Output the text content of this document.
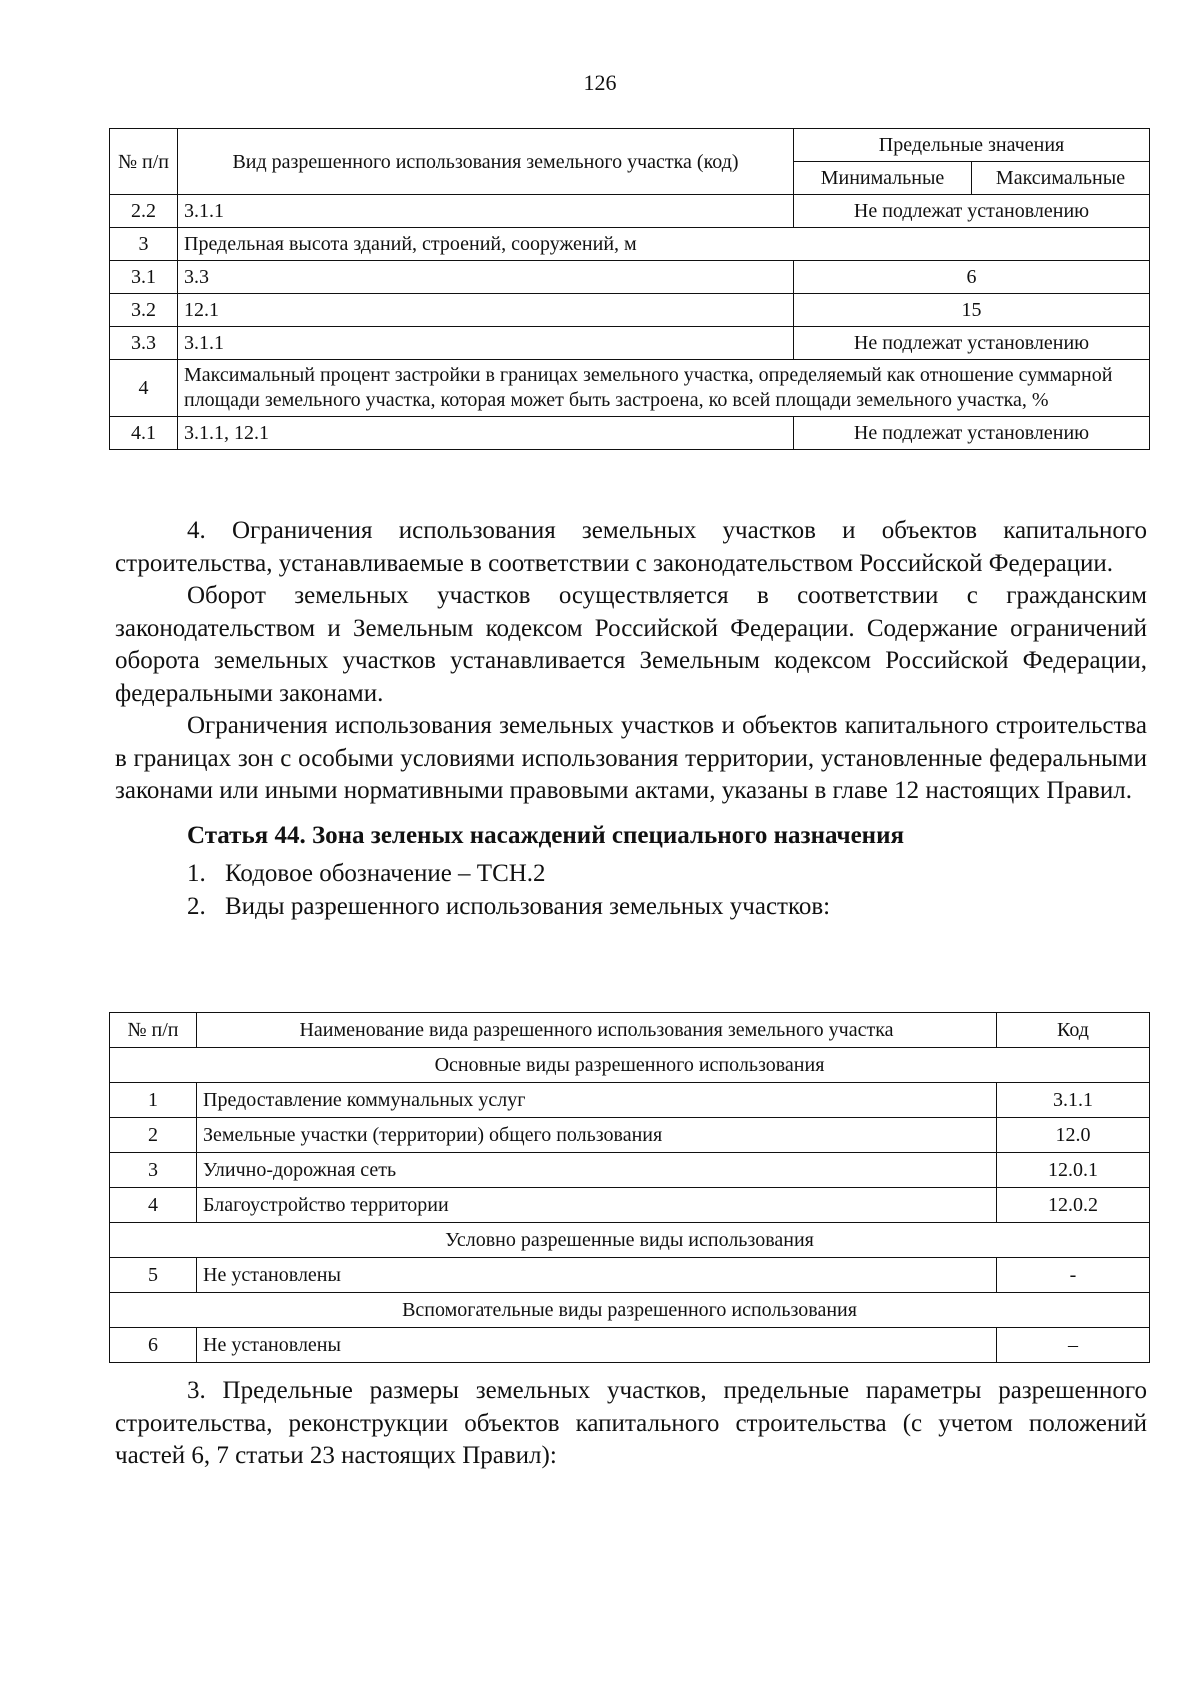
126
№ п/п	Вид разрешенного использования земельного участка (код)	Предельные значения	
		Минимальные	Максимальные
2.2	3.1.1	Не подлежат установлению	
3	Предельная высота зданий, строений, сооружений, м		
3.1	3.3	6	
3.2	12.1	15	
3.3	3.1.1	Не подлежат установлению	
4	Максимальный процент застройки в границах земельного участка, определяемый как отношение суммарной площади земельного участка, которая может быть застроена, ко всей площади земельного участка, %		
4.1	3.1.1, 12.1	Не подлежат установлению	

4. Ограничения использования земельных участков и объектов капитального строительства, устанавливаемые в соответствии с законодательством Российской Федерации.

Оборот земельных участков осуществляется в соответствии с гражданским законодательством и Земельным кодексом Российской Федерации. Содержание ограничений оборота земельных участков устанавливается Земельным кодексом Российской Федерации, федеральными законами.

Ограничения использования земельных участков и объектов капитального строительства в границах зон с особыми условиями использования территории, установленные федеральными законами или иными нормативными правовыми актами, указаны в главе 12 настоящих Правил.

Статья 44. Зона зеленых насаждений специального назначения

1. Кодовое обозначение – ТСН.2

2. Виды разрешенного использования земельных участков:

№ п/п	Наименование вида разрешенного использования земельного участка	Код
Основные виды разрешенного использования		
1	Предоставление коммунальных услуг	3.1.1
2	Земельные участки (территории) общего пользования	12.0
3	Улично-дорожная сеть	12.0.1
4	Благоустройство территории	12.0.2
Условно разрешенные виды использования		
5	Не установлены	-
Вспомогательные виды разрешенного использования		
6	Не установлены	–

3. Предельные размеры земельных участков, предельные параметры разрешенного строительства, реконструкции объектов капитального строительства (с учетом положений частей 6, 7 статьи 23 настоящих Правил):
